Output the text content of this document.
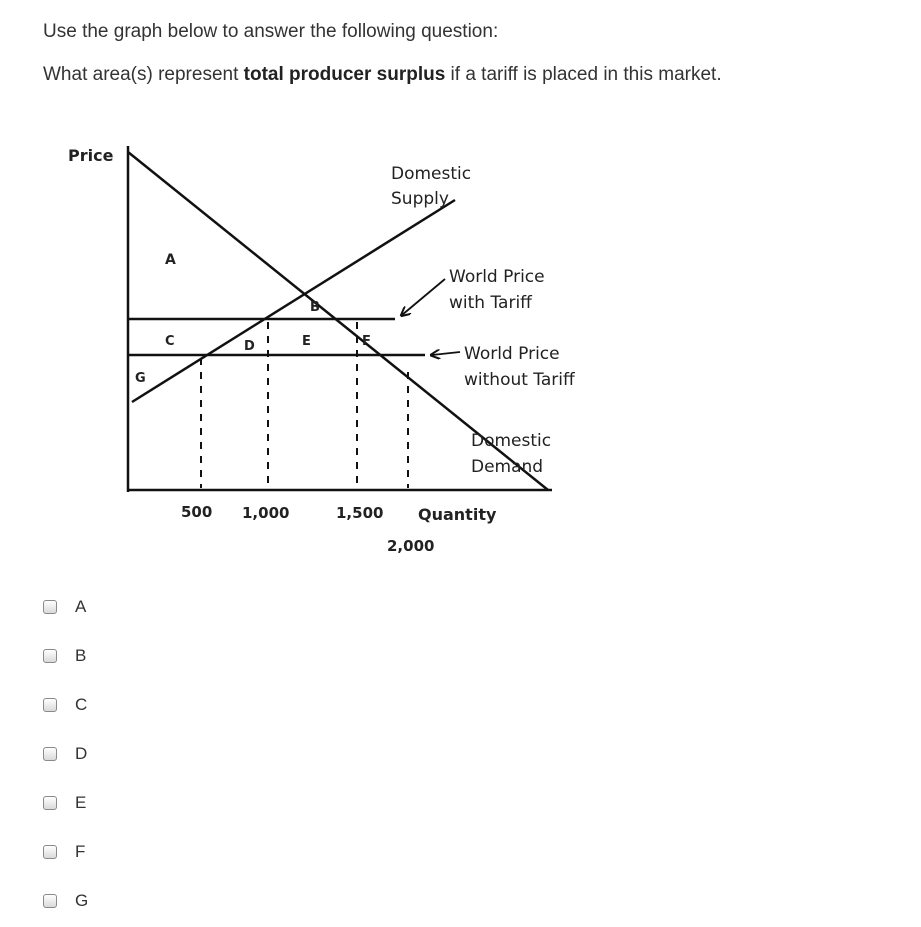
Use the graph below to answer the following question:

What area(s) represent total producer surplus if a tariff is placed in this market.

Price
Quantity
Domestic
Supply
World Price
with Tariff
World Price
without Tariff
Domestic
Demand
A
B
C	D	E	F
G
500 1,000	1,500
2,000
A
B
C
D
E
F
G
